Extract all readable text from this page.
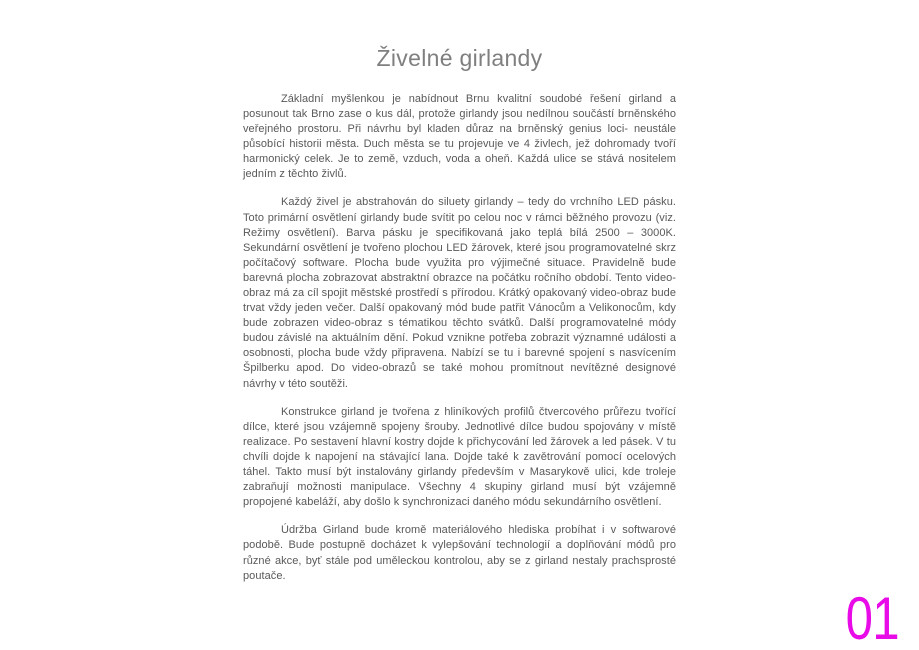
Živelné girlandy

Základní myšlenkou je nabídnout Brnu kvalitní soudobé řešení girland a posunout tak Brno zase o kus dál, protože girlandy jsou nedílnou součástí brněnského veřejného prostoru. Při návrhu byl kladen důraz na brněnský genius loci- neustále působící historii města. Duch města se tu projevuje ve 4 živlech, jež dohromady tvoří harmonický celek. Je to země, vzduch, voda a oheň. Každá ulice se stává nositelem jedním z těchto živlů.

Každý živel je abstrahován do siluety girlandy – tedy do vrchního LED pásku. Toto primární osvětlení girlandy bude svítit po celou noc v rámci běžného provozu (viz. Režimy osvětlení). Barva pásku je specifikovaná jako teplá bílá 2500 – 3000K. Sekundární osvětlení je tvořeno plochou LED žárovek, které jsou programovatelné skrz počítačový software. Plocha bude využita pro výjimečné situace. Pravidelně bude barevná plocha zobrazovat abstraktní obrazce na počátku ročního období. Tento video-obraz má za cíl spojit městské prostředí s přírodou. Krátký opakovaný video-obraz bude trvat vždy jeden večer. Další opakovaný mód bude patřit Vánocům a Velikonocům, kdy bude zobrazen video-obraz s tématikou těchto svátků. Další programovatelné módy budou závislé na aktuálním dění. Pokud vznikne potřeba zobrazit významné události a osobnosti, plocha bude vždy připravena. Nabízí se tu i barevné spojení s nasvícením Špilberku apod. Do video-obrazů se také mohou promítnout nevítězné designové návrhy v této soutěži.

Konstrukce girland je tvořena z hliníkových profilů čtvercového průřezu tvořící dílce, které jsou vzájemně spojeny šrouby. Jednotlivé dílce budou spojovány v místě realizace. Po sestavení hlavní kostry dojde k přichycování led žárovek a led pásek. V tu chvíli dojde k napojení na stávající lana. Dojde také k zavětrování pomocí ocelových táhel. Takto musí být instalovány girlandy především v Masarykově ulici, kde troleje zabraňují možnosti manipulace. Všechny 4 skupiny girland musí být vzájemně propojené kabeláží, aby došlo k synchronizaci daného módu sekundárního osvětlení.

Údržba Girland bude kromě materiálového hlediska probíhat i v softwarové podobě. Bude postupně docházet k vylepšování technologií a doplňování módů pro různé akce, byť stále pod uměleckou kontrolou, aby se z girland nestaly prachsprosté poutače.

01
